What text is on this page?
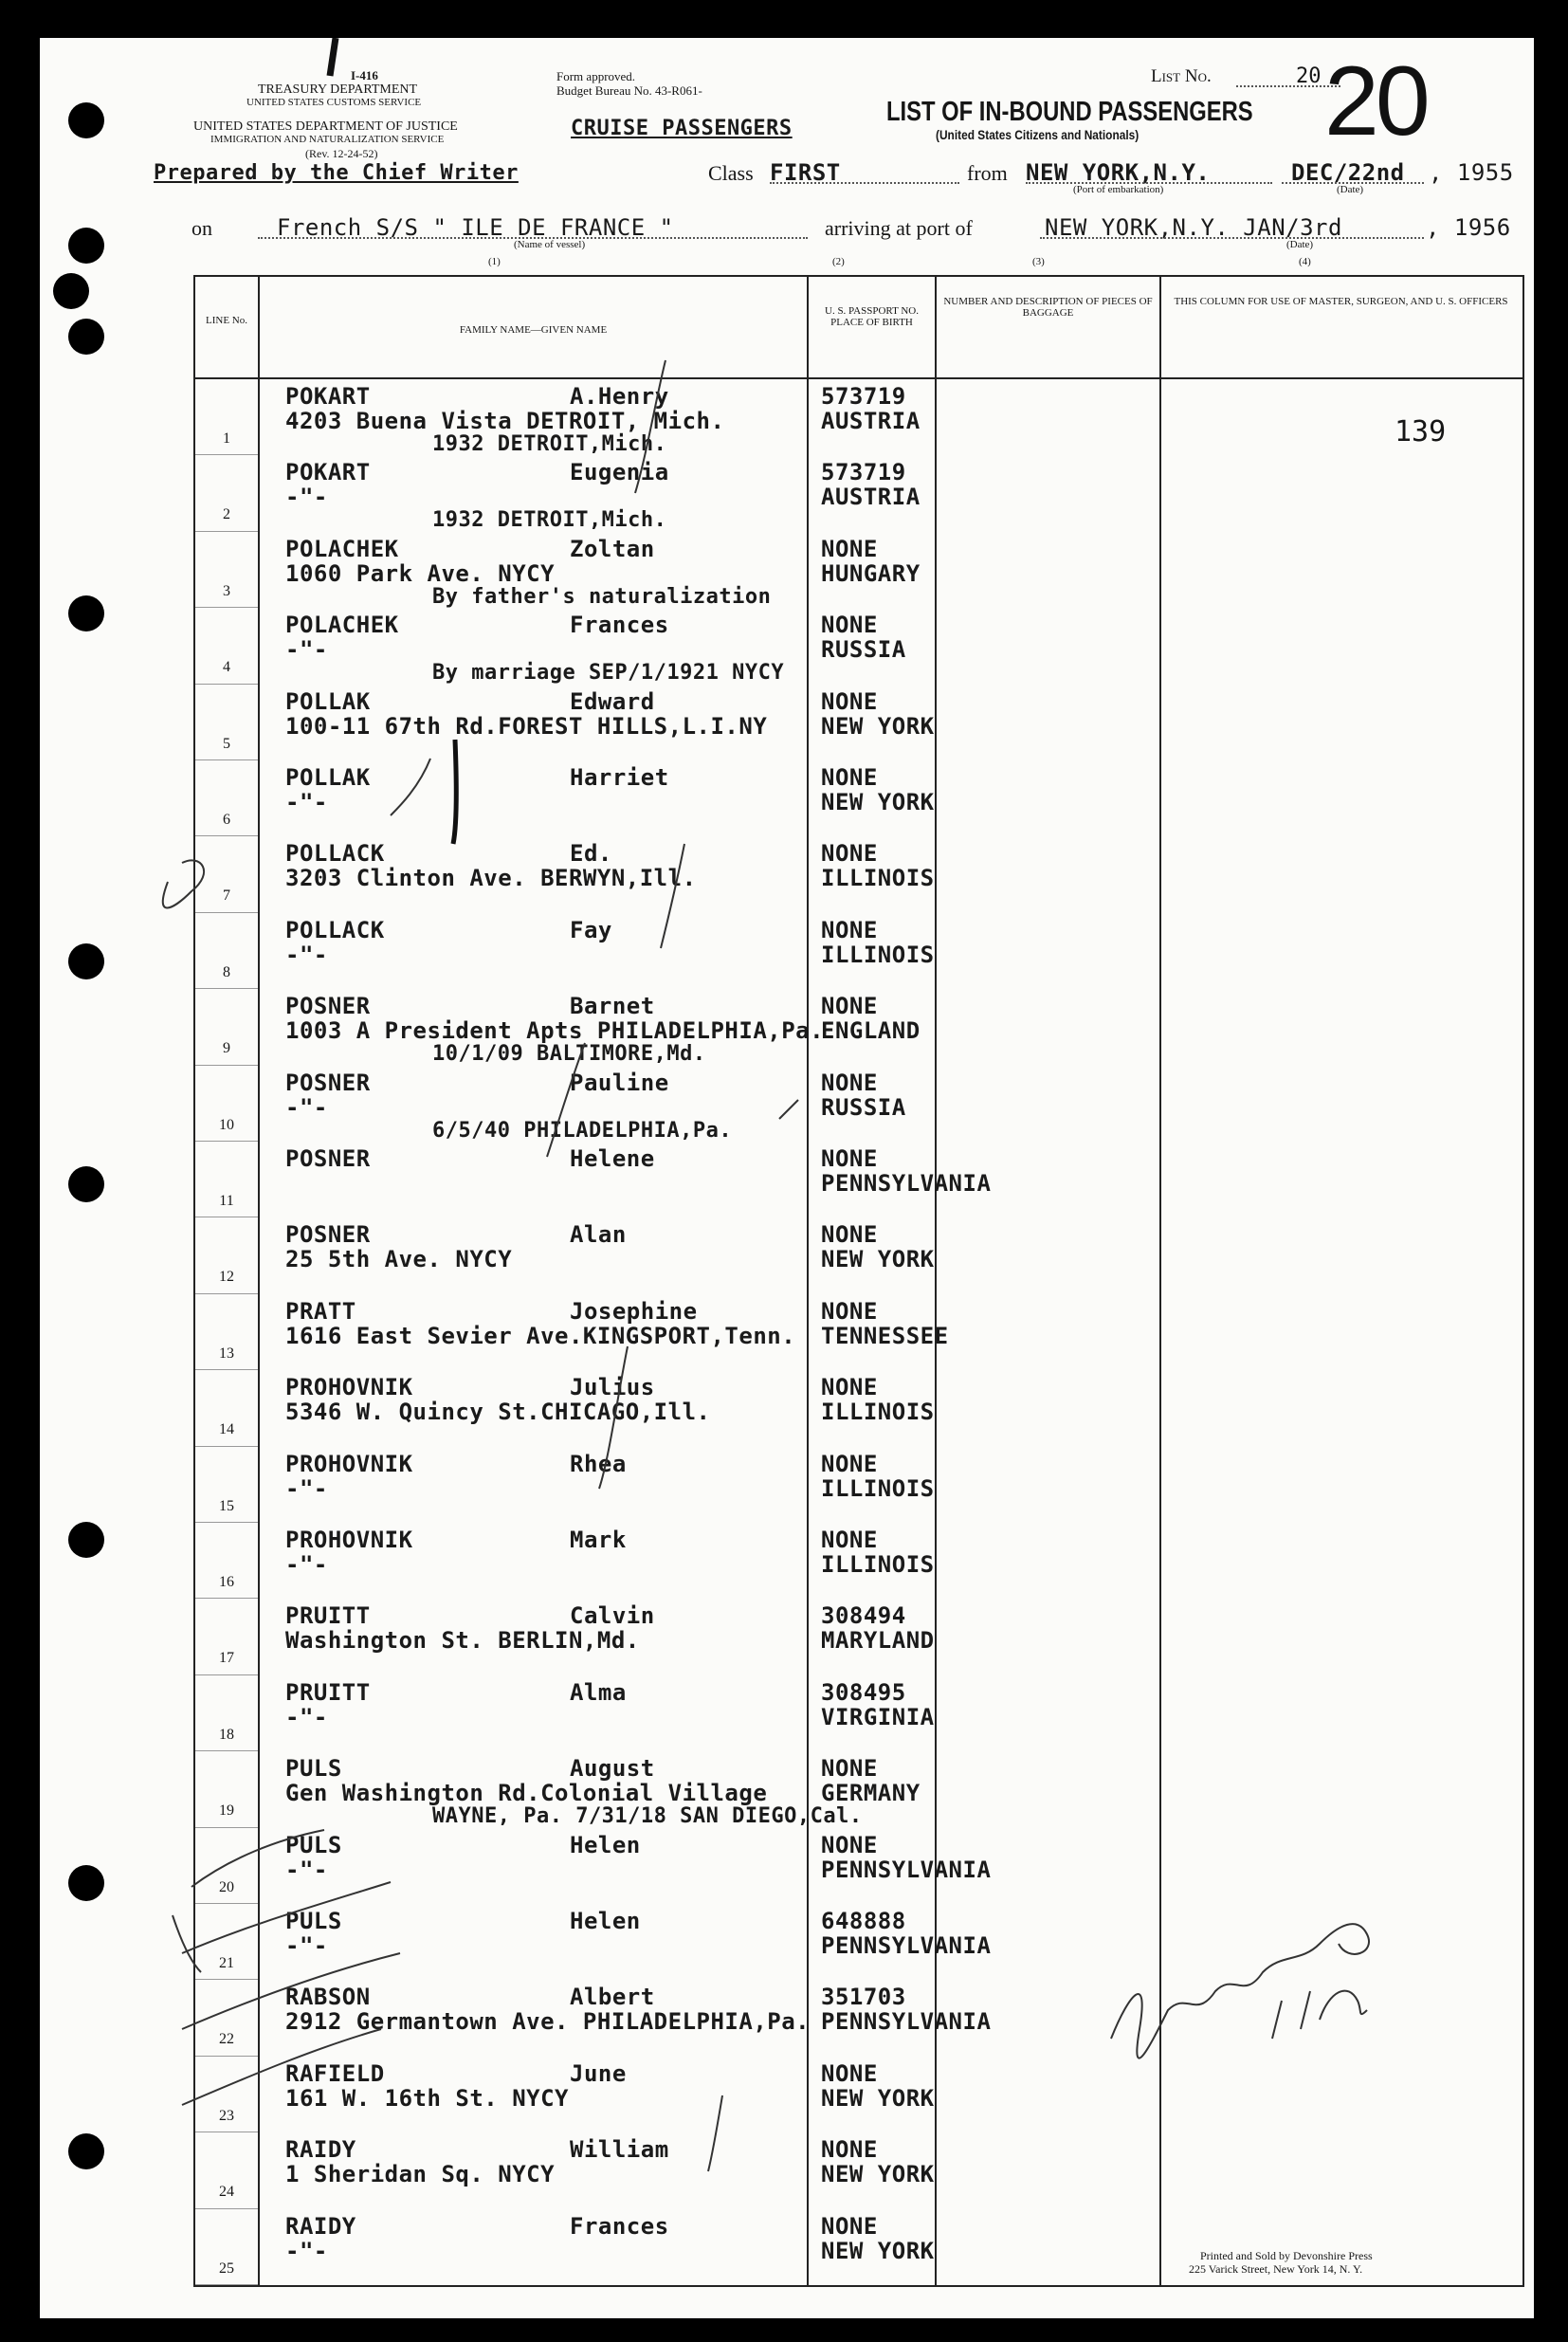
I-416
TREASURY DEPARTMENT
UNITED STATES CUSTOMS SERVICE
UNITED STATES DEPARTMENT OF JUSTICE
IMMIGRATION AND NATURALIZATION SERVICE
(Rev. 12-24-52)
Prepared by the Chief Writer
Form approved.
Budget Bureau No. 43-R061-
CRUISE PASSENGERS
List No.	20 20
LIST OF IN-BOUND PASSENGERS
(United States Citizens and Nationals)
Class FIRST	from NEW YORK,N.Y.
(Port of embarkation)
DEC/22nd
(Date)
, 1955
on	French S/S " ILE DE FRANCE "
(Name of vessel)
arriving at port of	NEW YORK,N.Y. JAN/3rd
(Date)
, 1956
(1)	(2)	(3)	(4)
LINE No.
FAMILY NAME—GIVEN NAME
U. S. PASSPORT NO. PLACE OF BIRTH
NUMBER AND DESCRIPTION OF PIECES OF BAGGAGE
THIS COLUMN FOR USE OF MASTER, SURGEON, AND U. S. OFFICERS
1
POKART	A.Henry
4203 Buena Vista DETROIT, Mich.
573719
AUSTRIA
1932 DETROIT,Mich.
2
POKART	Eugenia
-"-
573719
AUSTRIA
1932 DETROIT,Mich.
3
POLACHEK	Zoltan
1060 Park Ave. NYCY
NONE
HUNGARY
By father's naturalization
4
POLACHEK	Frances
-"-
NONE
RUSSIA
By marriage SEP/1/1921 NYCY
5
POLLAK	Edward
100-11 67th Rd.FOREST HILLS,L.I.NY
NONE
NEW YORK
6
POLLAK	Harriet
-"-
NONE
NEW YORK
7
POLLACK	Ed.
3203 Clinton Ave. BERWYN,Ill.
NONE
ILLINOIS
8
POLLACK	Fay
-"-
NONE
ILLINOIS
9
POSNER	Barnet
1003 A President Apts PHILADELPHIA,Pa.
NONE
ENGLAND
10/1/09 BALTIMORE,Md.
10
POSNER	Pauline
-"-
NONE
RUSSIA
6/5/40 PHILADELPHIA,Pa.
11
POSNER	Helene	NONE
PENNSYLVANIA
12
POSNER	Alan
25 5th Ave. NYCY
NONE
NEW YORK
13
PRATT	Josephine
1616 East Sevier Ave.KINGSPORT,Tenn.
NONE
TENNESSEE
14
PROHOVNIK	Julius
5346 W. Quincy St.CHICAGO,Ill.
NONE
ILLINOIS
15
PROHOVNIK	Rhea
-"-
NONE
ILLINOIS
16
PROHOVNIK	Mark
-"-
NONE
ILLINOIS
17
PRUITT	Calvin
Washington St. BERLIN,Md.
308494
MARYLAND
18
PRUITT	Alma
-"-
308495
VIRGINIA
19
PULS	August
Gen Washington Rd.Colonial Village
NONE
GERMANY
WAYNE, Pa. 7/31/18 SAN DIEGO,Cal.
20
PULS	Helen
-"-
NONE
PENNSYLVANIA
21
PULS	Helen
-"-
648888
PENNSYLVANIA
22
RABSON	Albert
2912 Germantown Ave. PHILADELPHIA,Pa.
351703
PENNSYLVANIA
23
RAFIELD	June
161 W. 16th St. NYCY
NONE
NEW YORK
24
RAIDY	William
1 Sheridan Sq. NYCY
NONE
NEW YORK
25
RAIDY	Frances
-"-
NONE
NEW YORK
139
Printed and Sold by Devonshire Press
225 Varick Street, New York 14, N. Y.
